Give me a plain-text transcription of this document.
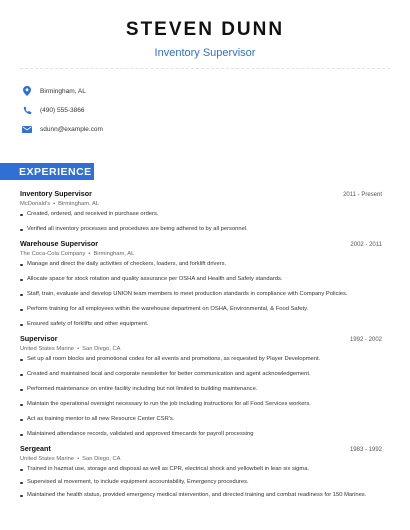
STEVEN DUNN
Inventory Supervisor
Birmingham, AL
(490) 555-3866
sdunn@example.com
EXPERIENCE
Inventory Supervisor	2011 - Present
McDonald's • Birmingham, AL
Created, ordered, and received in purchase orders.
Verified all inventory processes and procedures are being adhered to by all personnel.
Warehouse Supervisor	2002 - 2011
The Coca-Cola Company • Birmingham, AL
Manage and direct the daily activities of checkers, loaders, and forklift drivers.
Allocate space for stock rotation and quality assurance per OSHA and Health and Safety standards.
Staff, train, evaluate and develop UNION team members to meet production standards in compliance with Company Policies.
Perform training for all employees within the warehouse department on OSHA, Environmental, & Food Safety.
Ensured safety of forklifts and other equipment.
Supervisor	1992 - 2002
United States Marine • San Diego, CA
Set up all room blocks and promotional codes for all events and promotions, as requested by Player Development.
Created and maintained local and corporate newsletter for better communication and agent acknowledgement.
Performed maintenance on entire facility including but not limited to building maintenance.
Maintain the operational oversight necessary to run the job including instructions for all Food Services workers.
Act as training mentor to all new Resource Center CSR's.
Maintained attendance records, validated and approved timecards for payroll processing
Sergeant	1983 - 1992
United States Marine • San Diego, CA
Trained in hazmat use, storage and disposal as well as CPR, electrical shock and yellowbelt in lean six sigma.
Supervised al movement, to include equipment accountability, Emergency procedures.
Maintained the health status, provided emergency medical intervention, and directed training and combat readiness for 150 Marines.
